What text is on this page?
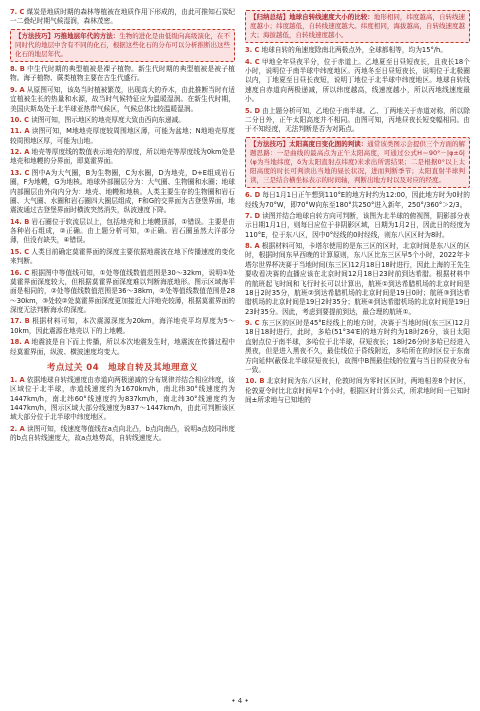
7. C 煤炭是地质时期的森林等植被在地质作用下形成的，由此可推知石炭纪一二叠纪时期气候湿润，森林茂密。

【方法技巧】巧推地层年代的方法：生物的进化是由低级向高级演化，在不同时代的地层中含有不同的化石，根据这些化石的分布可以分析推断出这些化石的地层年代。

8. B 中生代时期的典型植被是裸子植物。新生代时期的典型植被是被子植物。海子植物、蕨类植物主要在古生代盛行。

9. A 从原图可知，该岛当时植被繁茂，出现高大的乔木，由此推断当时有适宜植被生长的热量和水源，故当时气候特征应为温暖湿润。在新生代时期，美国庆斯岛处于北半球亚热带气候区，气候总体比较温暖湿润。

10. C 读图可知，图示地区的地壳厚度大致由西向东递减。

11. A 读图可知，M地地壳厚度较周围地区薄，可能为盆地；N地地壳厚度较周围地区厚，可能为山地。

12. A 地壳等厚度线的数值表示地壳的厚度，所以地壳等厚度线为0km处是地壳和地幔的分界面，即莫霍界面。

13. C 图中A为大气圈，B为生物圈，C为水圈，D为地壳，D+E组成岩石圈，F为地幔，G为地核。地球外部圈层分为：大气圈、生物圈和水圈；地球内部圈层由外向内分为：地壳、地幔和地核。人类主要生存的生物圈和岩石圈、大气圈、水圈和岩石圈四大圈层组成，F和G的交界面为古登堡界面，地震波通过古登堡界面时横波突然消失，纵波速度下降。

14. B 岩石圈位于软流层以上，包括地壳和上地幔顶部，①错误。主要是由各种岩石组成，②正确。由上题分析可知，③正确。岩石圈虽然大洋部分薄，但没有缺失，④错误。

15. C 人类目前确定莫霍界面的深度主要依据地震波在地下传播速度的变化来判断。

16. C 根据图中等值线可知，①处等值线数值范围是30～32km，说明①处莫霍界面深度较大，但根据莫霍界面深度难以判断海底地形。图示区域海平面是相同的，②处等值线数值范围是36～38km，②处等值线数值范围是28～30km，③处较②处莫霍界面深度更加接近大洋地壳较薄，根据莫霍界面的深度无法判断海水的深度。

17. B 根据材料可知，本次震源深度为20km，海洋地壳平均厚度为5～10km，因此震源在地壳以下的上地幔。

18. A 地震波是自下而上传播，所以本次地震发生时，地震波在传播过程中经莫霍界面，纵波、横波速度均变大。

考点过关 04　地球自转及其地理意义

1. A 依据地球自转线速度由赤道向两极递减的分布规律并结合相应纬度，该区域位于北半球，赤道线速度约为1670km/h，南北纬30°线速度约为1447km/h，南北纬60°线速度约为837km/h，南北纬30°线速度约为1447km/h，图示区域大部分线速度为837～1447km/h，由此可判断该区域大部分位于北半球中纬度地区。

2. A 读图可知，线速度等值线在a点向北凸，b点向南凸，说明a点较同纬度的b点自转线速度大，故a点地势高，自转线速度大。

【归纳总结】地球自转线速度大小的比较：地形相同，纬度越高，自转线速度越小；纬度越低，自转线速度越大。纬度相同，海拔越高，自转线速度越大；海拔越低，自转线速度越小。

3. C 地球自转的角速度除南北两极点外，全球都相等，均为15°/h。

4. C 甲地全年昼夜平分，位于赤道上。乙地夏至日昼短夜长，且夜长18个小时，说明位于南半球中纬度地区。丙地冬至日昼短夜长，说明位于北极圈以内，丁地夏至日昼长夜短，说明丁地位于北半球中纬度地区。地球自转线速度自赤道向两极递减，所以纬度越高，线速度越小，所以丙地线速度最小。

5. D 由上题分析可知，乙地位于南半球。乙、丁两地关于赤道对称，所以除二分日外，正午太阳高度并不相同。由图可知，丙地昼夜长短变幅相同。由于不知经度，无法判断是否为对跖点。

【方法技巧】太阳高度日变化图的判读：通常该类图示会提供三个方面的解题思路：一是曲线的最高点为正午太阳高度，可通过公式H＝90°－|φ±δ|(φ为当地纬度，δ为太阳直射点纬度)来求出所需结果；二是根据0°以上太阳高度的时长可判读出当地的昼长状况，进而判断季节；太阳直射半球判读，三是结合横坐标表示的时间轴，判断出地方时以及对应的经度。

6. D 每日1月1日正午想到110°E的地方时约为12:00，因此地方时为0时的经线为70°W，即70°W向东至180°共250°进入新年，250°/360°＞2/3。

7. D 读图并结合地球自转方向可判断，该图为北半球的俯视图，阴影部分表示日期1月1日，则每日应位于非阴影区域，日期为1月2日，因此日的经度为110°E，位于东八区，因中0°经线的0时经线，则东八区区时为8时。

8. A 根据材料可知，卡塔尔使用的是东三区的区时，北京时间是东八区的区时，根据时间东早西晚的计算原则，东八区比东三区早5个小时，2022年卡塔尔世界杯决赛于当地时间(东三区)12月18日18时进行，因此上海的王先生要收看决赛的直播应该在北京时间12月18日23时前到达希腊。根据材料中的航班起飞时间和飞行时长可以计算出，航班①到达希腊机场的北京时间是18日2时35分，航班②到达希腊机场的北京时间是19日0时；航班③到达希腊机场的北京时间是19日2时35分；航班④到达希腊机场的北京时间是19日23时35分。因此，考虑到要提前到达，最合理的航班①。

9. C 东三区的区时是45°E经线上的地方时，决赛于当地时间(东三区)12月18日18时进行，此时，多哈(51°34′E)的地方时约为18时26分，该日太阳直射点位于南半球，多哈位于北半球，昼短夜长；18时26分时多哈已经进入黑夜，但是进入黑夜不久，最佳线位于昏线附近，多哈所在的时区位于东南方向延伸(蔽保北半球昼短夜长)，故图中B图最佳线的位置与当日的昼夜分布一致。

10. B 北京时间为东八区时，伦敦时间为零时区区时，两地相差8个时区，伦敦夏令时比北京时间早1个小时，根据区时计算公式，所求地时间一已知时间±所求地与已知地的

• 4 •
